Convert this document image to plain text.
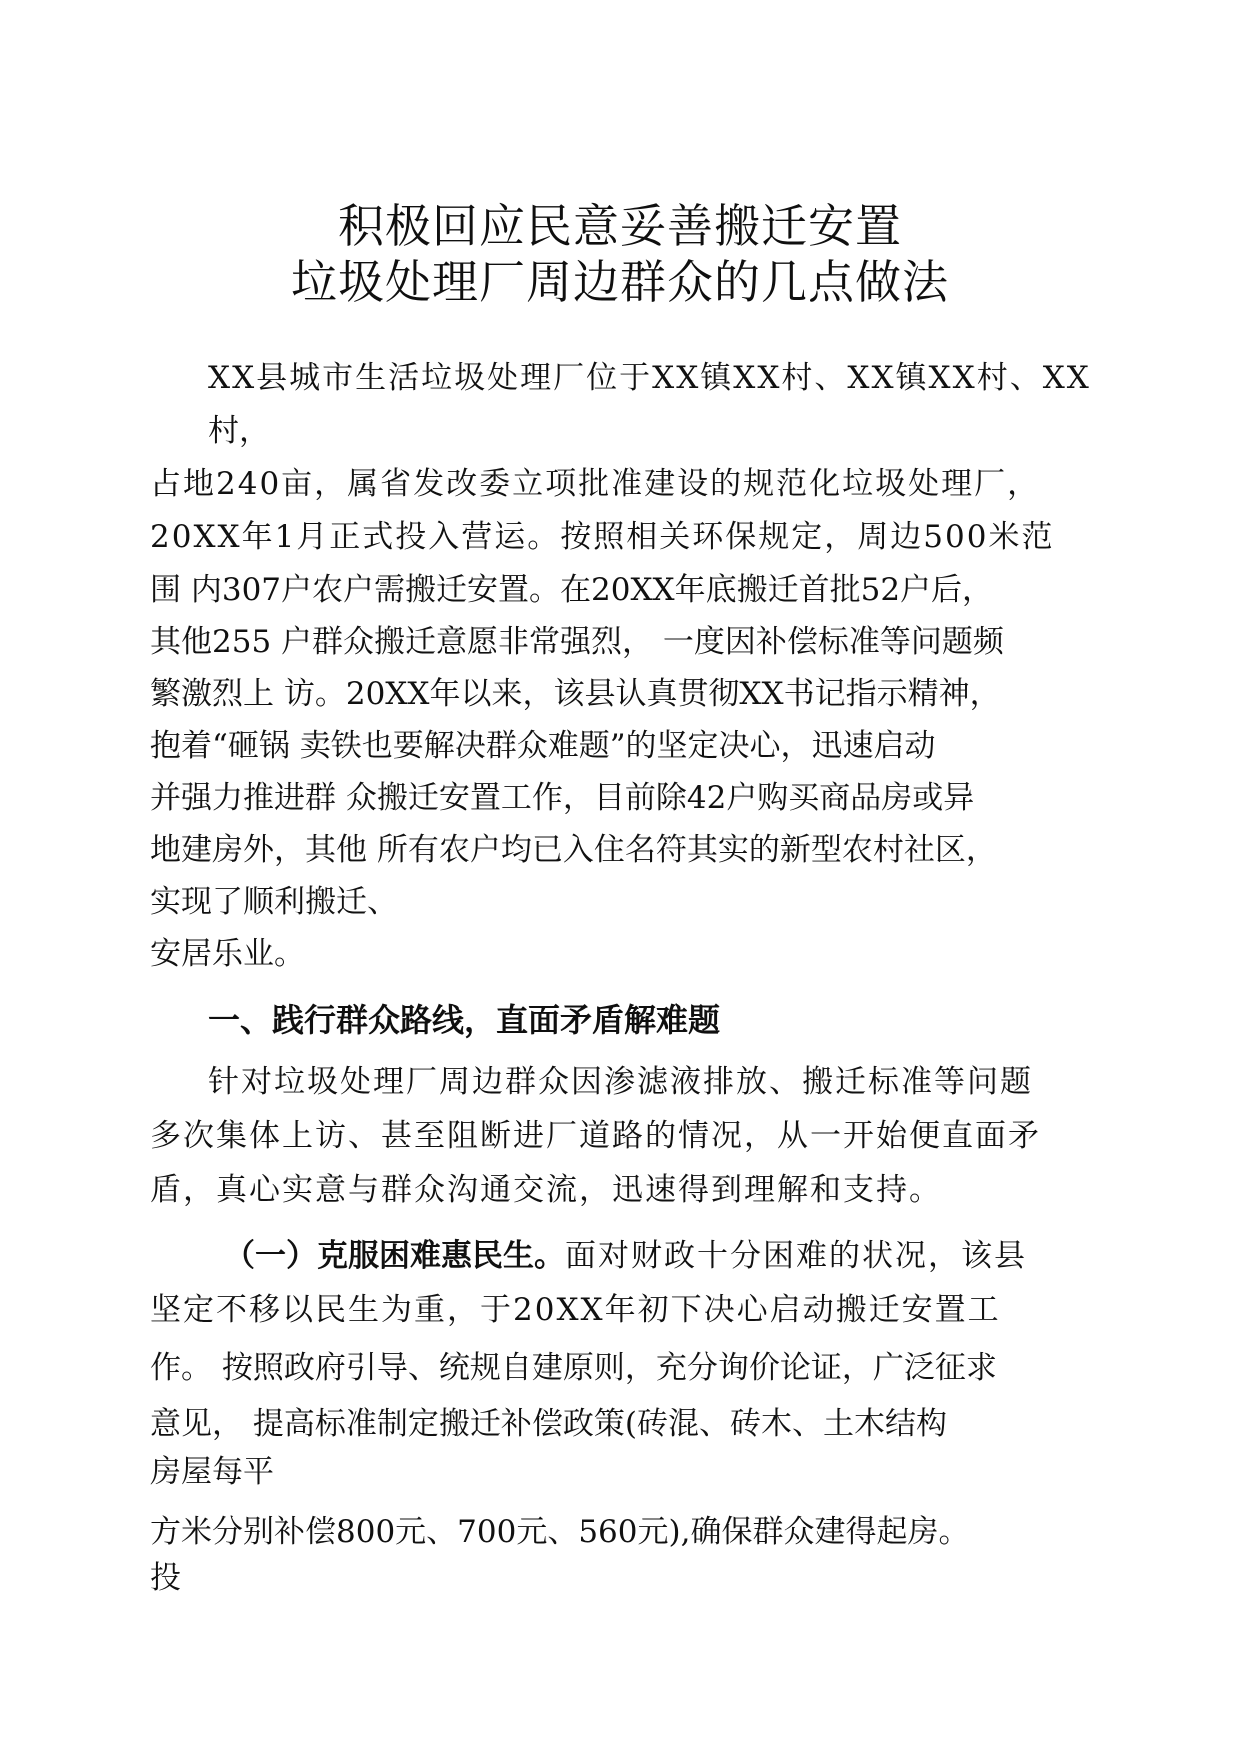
积极回应民意妥善搬迁安置
垃圾处理厂周边群众的几点做法
XX县城市生活垃圾处理厂位于XX镇XX村、XX镇XX村、XX
村，
占地240亩，属省发改委立项批准建设的规范化垃圾处理厂，
20XX年1月正式投入营运。按照相关环保规定，周边500米范
围 内307户农户需搬迁安置。在20XX年底搬迁首批52户后，
其他255 户群众搬迁意愿非常强烈， 一度因补偿标准等问题频
繁激烈上 访。20XX年以来，该县认真贯彻XX书记指示精神，
抱着“砸锅 卖铁也要解决群众难题”的坚定决心，迅速启动
并强力推进群 众搬迁安置工作，目前除42户购买商品房或异
地建房外，其他 所有农户均已入住名符其实的新型农村社区，
实现了顺利搬迁、
安居乐业。
一、践行群众路线，直面矛盾解难题
针对垃圾处理厂周边群众因渗滤液排放、搬迁标准等问题
多次集体上访、甚至阻断进厂道路的情况，从一开始便直面矛
盾，真心实意与群众沟通交流，迅速得到理解和支持。
（一）克服困难惠民生。面对财政十分困难的状况，该县
坚定不移以民生为重，于20XX年初下决心启动搬迁安置工
作。 按照政府引导、统规自建原则，充分询价论证，广泛征求
意见， 提高标准制定搬迁补偿政策(砖混、砖木、土木结构
房屋每平
方米分别补偿800元、700元、560元),确保群众建得起房。
投
